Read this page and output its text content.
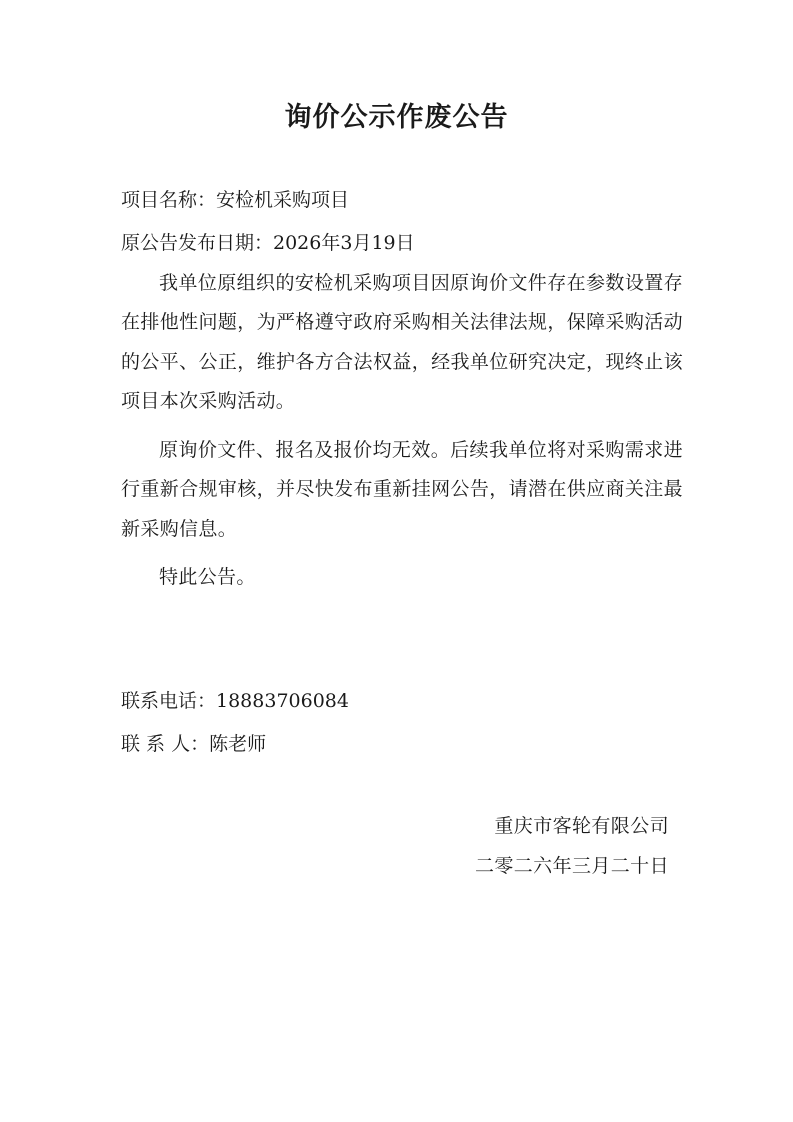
询价公示作废公告
项目名称：安检机采购项目
原公告发布日期：2026年3月19日
我单位原组织的安检机采购项目因原询价文件存在参数设置存在排他性问题，为严格遵守政府采购相关法律法规，保障采购活动的公平、公正，维护各方合法权益，经我单位研究决定，现终止该项目本次采购活动。
原询价文件、报名及报价均无效。后续我单位将对采购需求进行重新合规审核，并尽快发布重新挂网公告，请潜在供应商关注最新采购信息。
特此公告。
联系电话：18883706084
联 系 人：陈老师
重庆市客轮有限公司
二零二六年三月二十日
